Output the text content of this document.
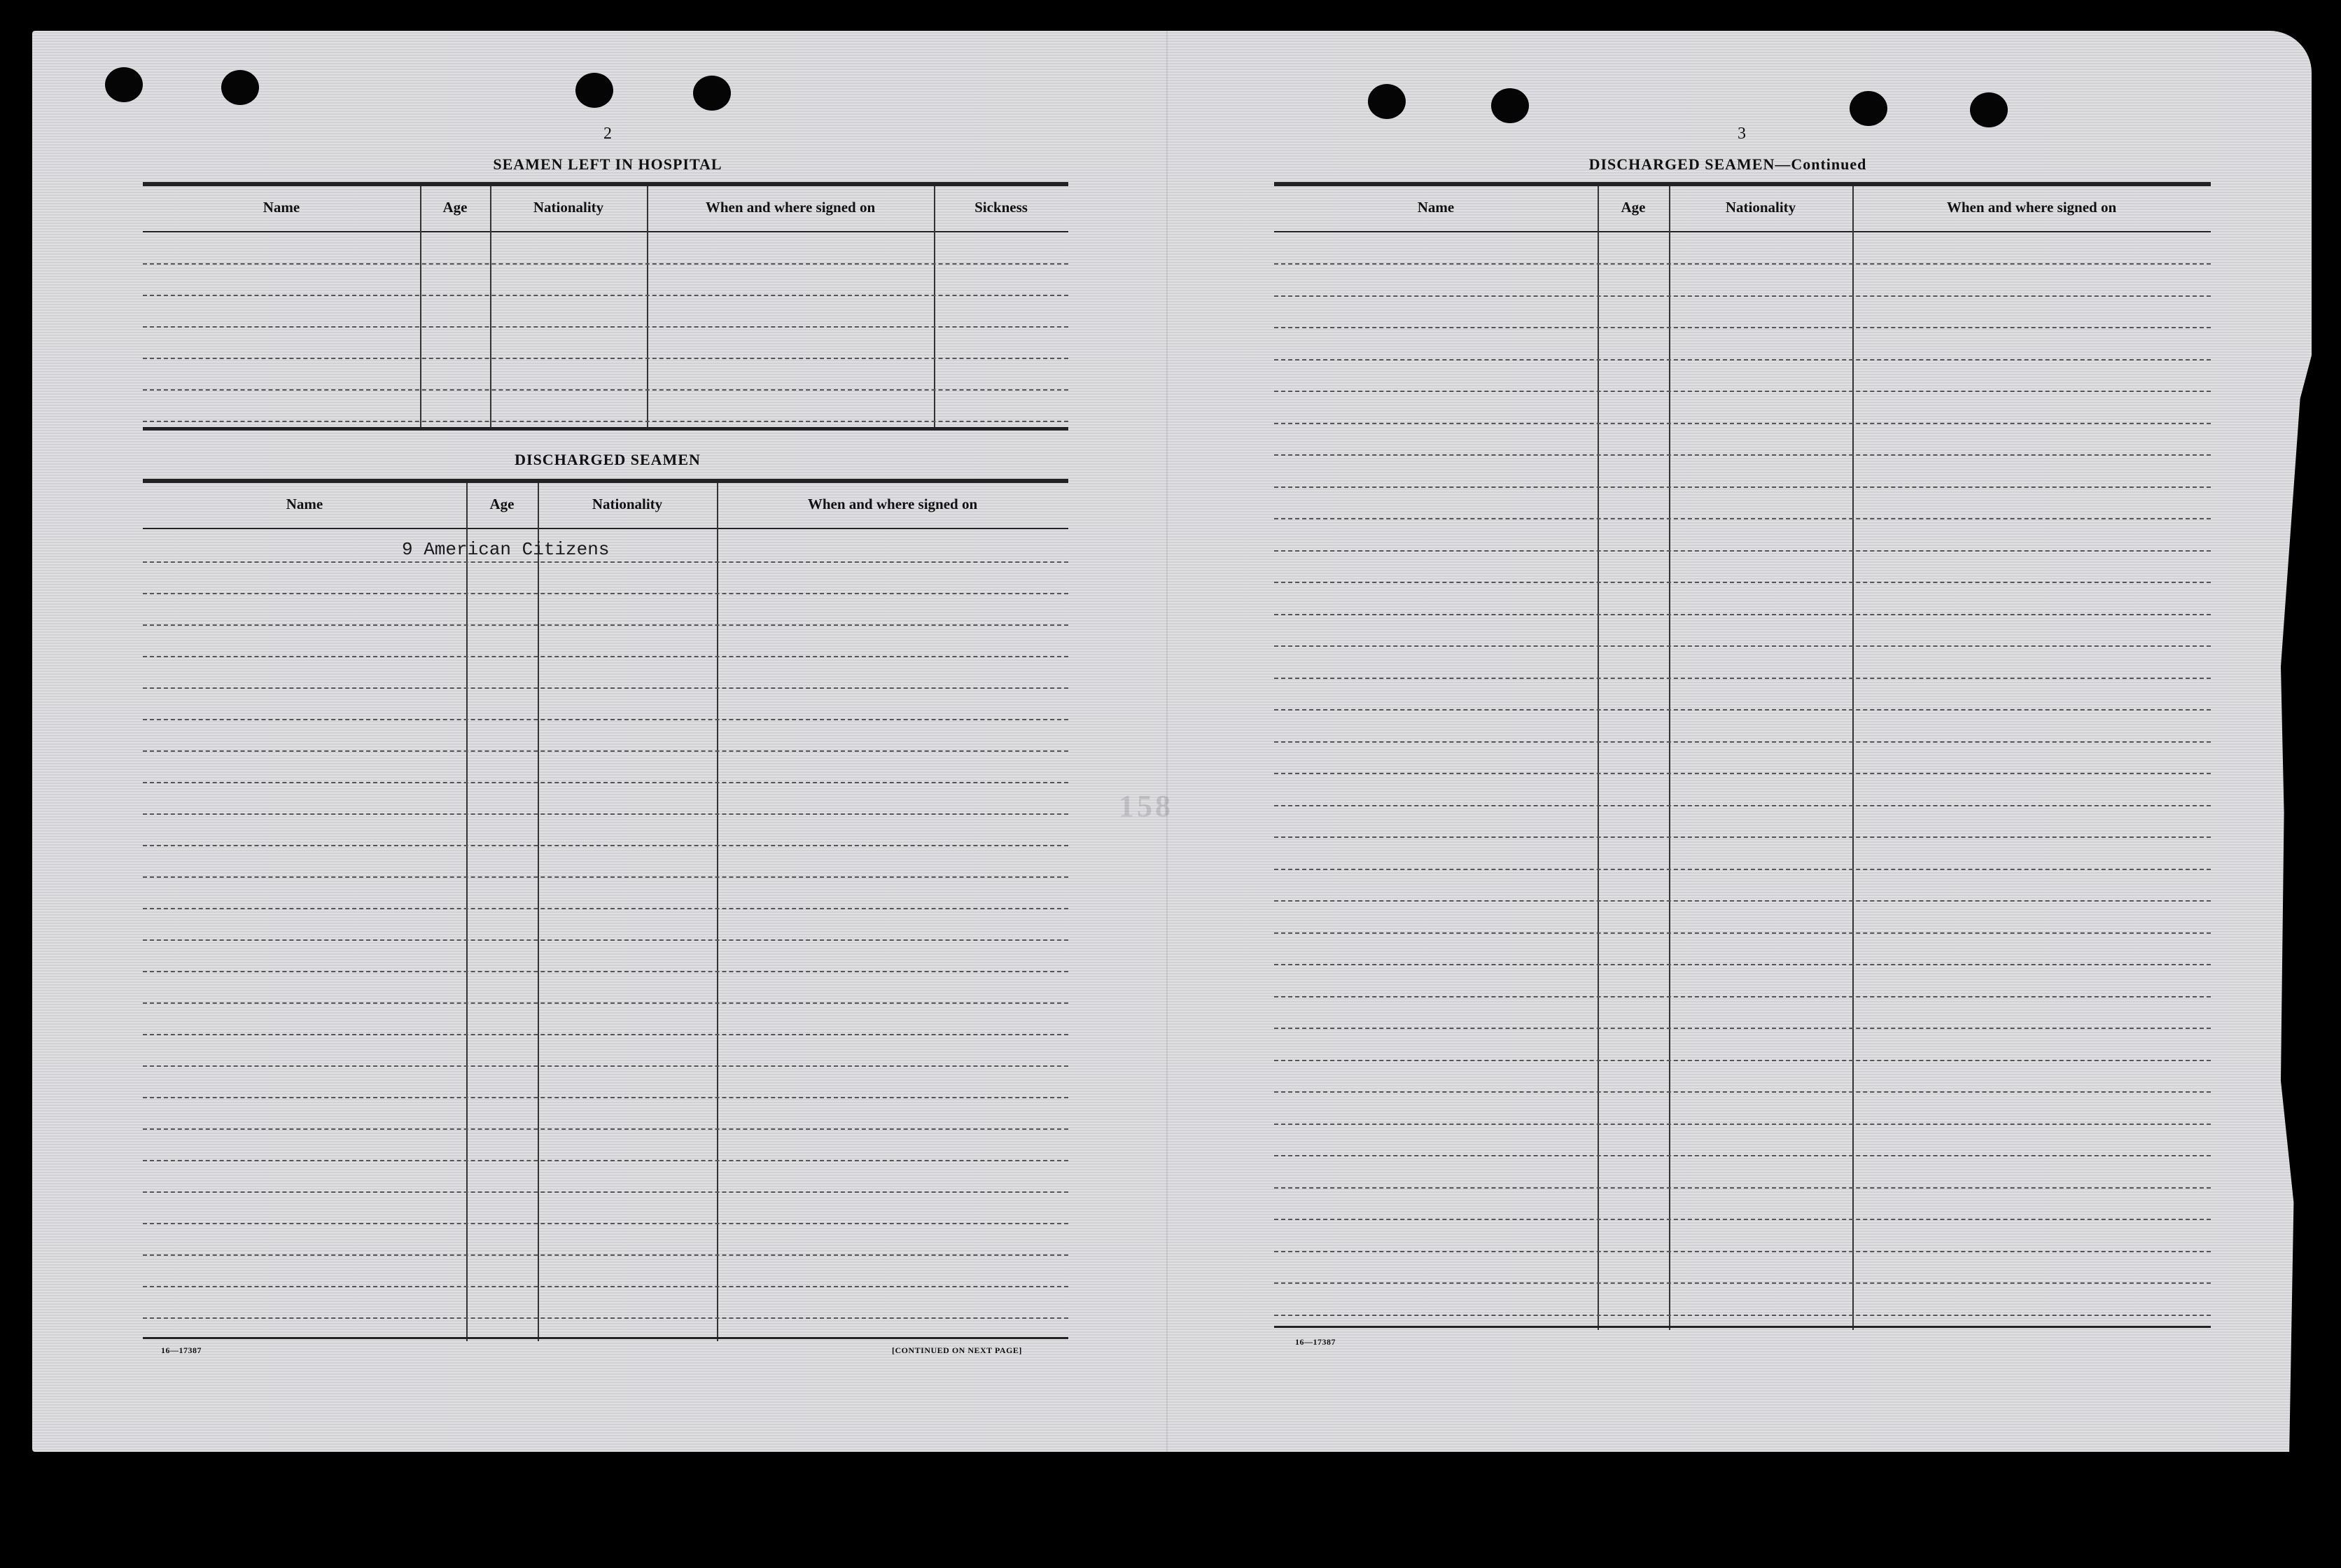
158
2
SEAMEN LEFT IN HOSPITAL
Name	Age	Nationality	When and where signed on	Sickness
DISCHARGED SEAMEN
Name	Age	Nationality	When and where signed on
9 American Citizens
16—17387	[CONTINUED ON NEXT PAGE]
3
DISCHARGED SEAMEN—Continued
Name	Age	Nationality	When and where signed on
16—17387
